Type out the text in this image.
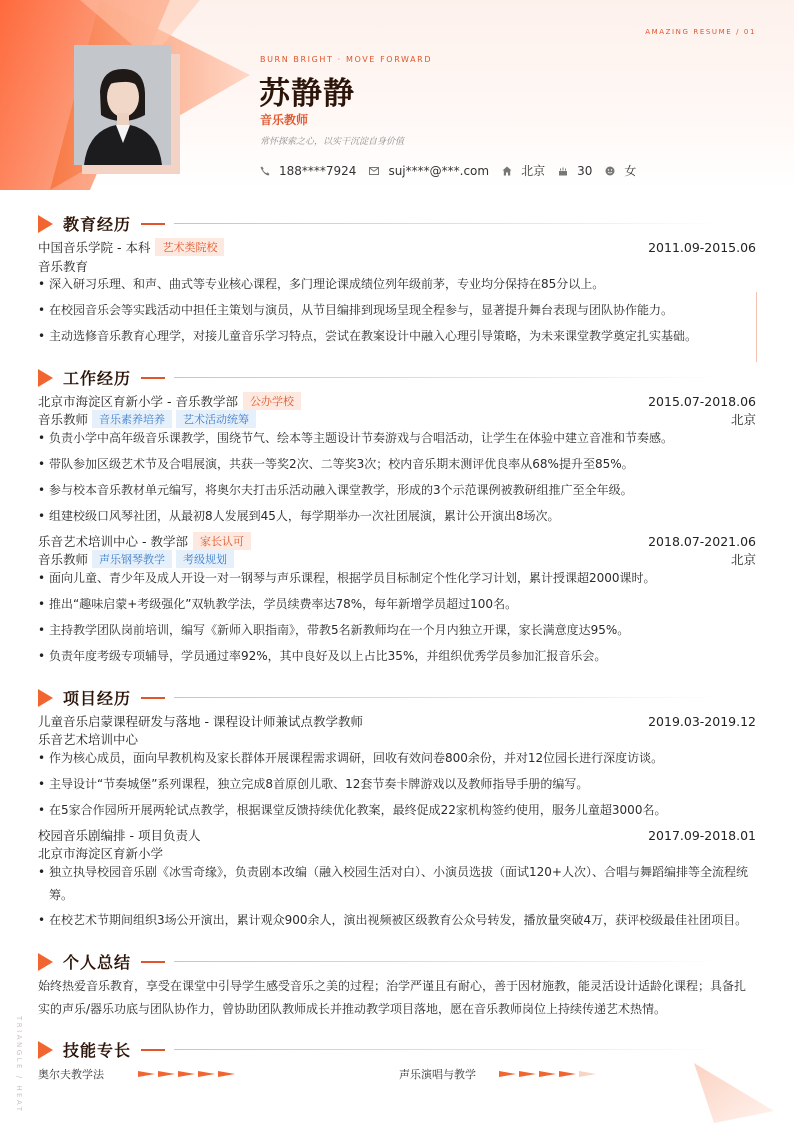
AMAZING RESUME / 01
BURN BRIGHT · MOVE FORWARD
苏静静
音乐教师
常怀探索之心，以实干沉淀自身价值
188****7924	suj****@***.com	北京	30	女
教育经历
中国音乐学院 - 本科	艺术类院校	2011.09-2015.06
音乐教育
• 深入研习乐理、和声、曲式等专业核心课程，多门理论课成绩位列年级前茅，专业均分保持在85分以上。
• 在校园音乐会等实践活动中担任主策划与演员，从节目编排到现场呈现全程参与，显著提升舞台表现与团队协作能力。
• 主动选修音乐教育心理学，对接儿童音乐学习特点，尝试在教案设计中融入心理引导策略，为未来课堂教学奠定扎实基础。
工作经历
北京市海淀区育新小学 - 音乐教学部	公办学校	2015.07-2018.06
音乐教师	音乐素养培养	艺术活动统筹	北京
• 负责小学中高年级音乐课教学，围绕节气、绘本等主题设计节奏游戏与合唱活动，让学生在体验中建立音准和节奏感。
• 带队参加区级艺术节及合唱展演，共获一等奖2次、二等奖3次；校内音乐期末测评优良率从68%提升至85%。
• 参与校本音乐教材单元编写，将奥尔夫打击乐活动融入课堂教学，形成的3个示范课例被教研组推广至全年级。
• 组建校级口风琴社团，从最初8人发展到45人，每学期举办一次社团展演，累计公开演出8场次。
乐音艺术培训中心 - 教学部	家长认可	2018.07-2021.06
音乐教师	声乐钢琴教学	考级规划	北京
• 面向儿童、青少年及成人开设一对一钢琴与声乐课程，根据学员目标制定个性化学习计划，累计授课超2000课时。
• 推出“趣味启蒙+考级强化”双轨教学法，学员续费率达78%，每年新增学员超过100名。
• 主持教学团队岗前培训，编写《新师入职指南》，带教5名新教师均在一个月内独立开课，家长满意度达95%。
• 负责年度考级专项辅导，学员通过率92%，其中良好及以上占比35%，并组织优秀学员参加汇报音乐会。
项目经历
儿童音乐启蒙课程研发与落地 - 课程设计师兼试点教学教师	2019.03-2019.12
乐音艺术培训中心
• 作为核心成员，面向早教机构及家长群体开展课程需求调研，回收有效问卷800余份，并对12位园长进行深度访谈。
• 主导设计“节奏城堡”系列课程，独立完成8首原创儿歌、12套节奏卡牌游戏以及教师指导手册的编写。
• 在5家合作园所开展两轮试点教学，根据课堂反馈持续优化教案，最终促成22家机构签约使用，服务儿童超3000名。
校园音乐剧编排 - 项目负责人	2017.09-2018.01
北京市海淀区育新小学
• 独立执导校园音乐剧《冰雪奇缘》，负责剧本改编（融入校园生活对白）、小演员选拔（面试120+人次）、合唱与舞蹈编排等全流程统筹。
• 在校艺术节期间组织3场公开演出，累计观众900余人，演出视频被区级教育公众号转发，播放量突破4万，获评校级最佳社团项目。
个人总结
始终热爱音乐教育，享受在课堂中引导学生感受音乐之美的过程；治学严谨且有耐心，善于因材施教，能灵活设计适龄化课程；具备扎实的声乐/器乐功底与团队协作力，曾协助团队教师成长并推动教学项目落地，愿在音乐教师岗位上持续传递艺术热情。
技能专长
奥尔夫教学法	声乐演唱与教学
TRIANGLE / HEAT
